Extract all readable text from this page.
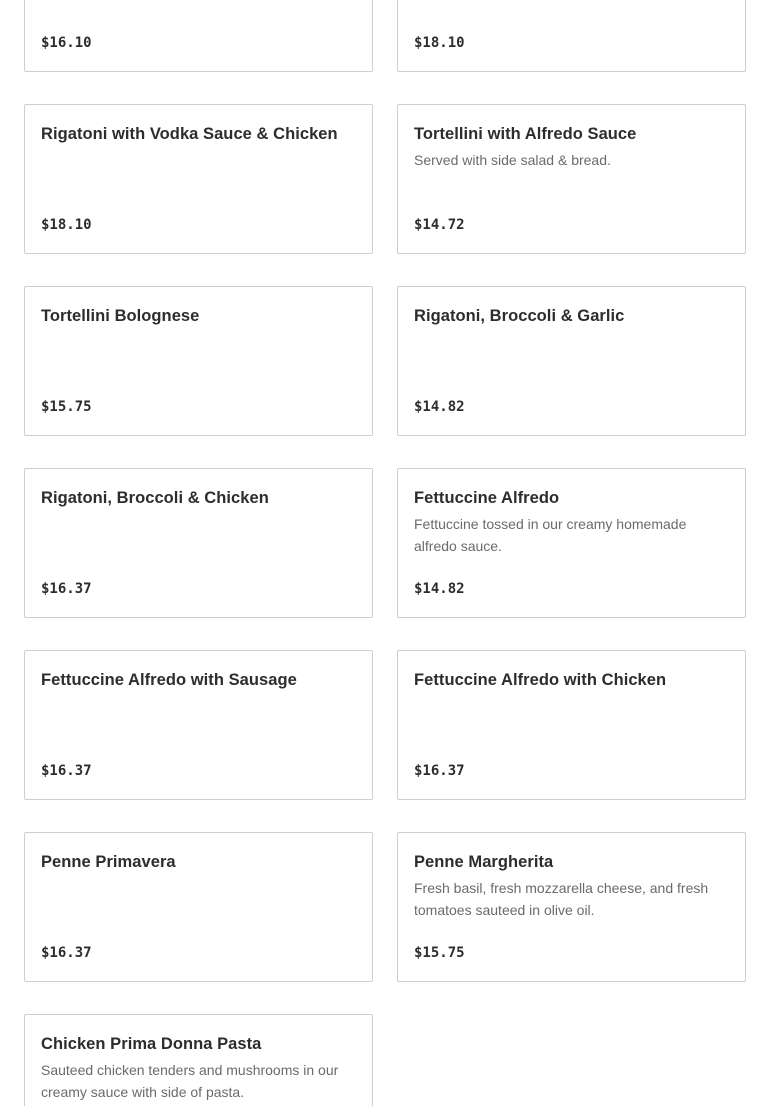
$16.10	$18.10
Rigatoni with Vodka Sauce & Chicken
$18.10
Tortellini with Alfredo Sauce
Served with side salad & bread.
$14.72
Tortellini Bolognese
$15.75
Rigatoni, Broccoli & Garlic
$14.82
Rigatoni, Broccoli & Chicken
$16.37
Fettuccine Alfredo
Fettuccine tossed in our creamy homemade alfredo sauce.
$14.82
Fettuccine Alfredo with Sausage
$16.37
Fettuccine Alfredo with Chicken
$16.37
Penne Primavera
$16.37
Penne Margherita
Fresh basil, fresh mozzarella cheese, and fresh tomatoes sauteed in olive oil.
$15.75
Chicken Prima Donna Pasta
Sauteed chicken tenders and mushrooms in our creamy sauce with side of pasta.
